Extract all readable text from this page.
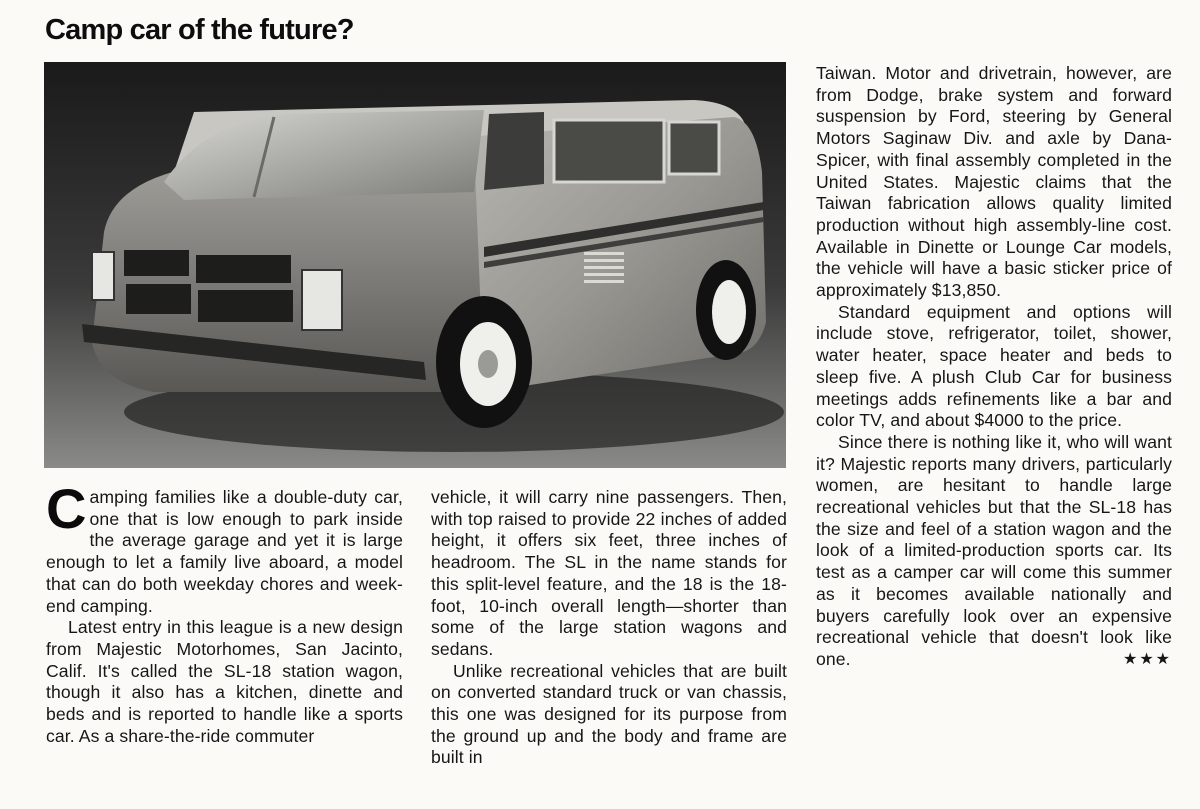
Camp car of the future?

Camping families like a double-duty car, one that is low enough to park inside the average garage and yet it is large enough to let a family live aboard, a model that can do both weekday chores and week-end camping.

Latest entry in this league is a new design from Majestic Motorhomes, San Jacinto, Calif. It's called the SL-18 station wagon, though it also has a kitchen, dinette and beds and is reported to handle like a sports car. As a share-the-ride commuter

vehicle, it will carry nine passengers. Then, with top raised to provide 22 inches of added height, it offers six feet, three inches of headroom. The SL in the name stands for this split-level feature, and the 18 is the 18-foot, 10-inch overall length—shorter than some of the large station wagons and sedans.

Unlike recreational vehicles that are built on converted standard truck or van chassis, this one was designed for its purpose from the ground up and the body and frame are built in

Taiwan. Motor and drivetrain, however, are from Dodge, brake system and forward suspension by Ford, steering by General Motors Saginaw Div. and axle by Dana-Spicer, with final assembly completed in the United States. Majestic claims that the Taiwan fabrication allows quality limited production without high assembly-line cost. Available in Dinette or Lounge Car models, the vehicle will have a basic sticker price of approximately $13,850.

Standard equipment and options will include stove, refrigerator, toilet, shower, water heater, space heater and beds to sleep five. A plush Club Car for business meetings adds refinements like a bar and color TV, and about $4000 to the price.

Since there is nothing like it, who will want it? Majestic reports many drivers, particularly women, are hesitant to handle large recreational vehicles but that the SL-18 has the size and feel of a station wagon and the look of a limited-production sports car. Its test as a camper car will come this summer as it becomes available nationally and buyers carefully look over an expensive recreational vehicle that doesn't look like one.	★★★
